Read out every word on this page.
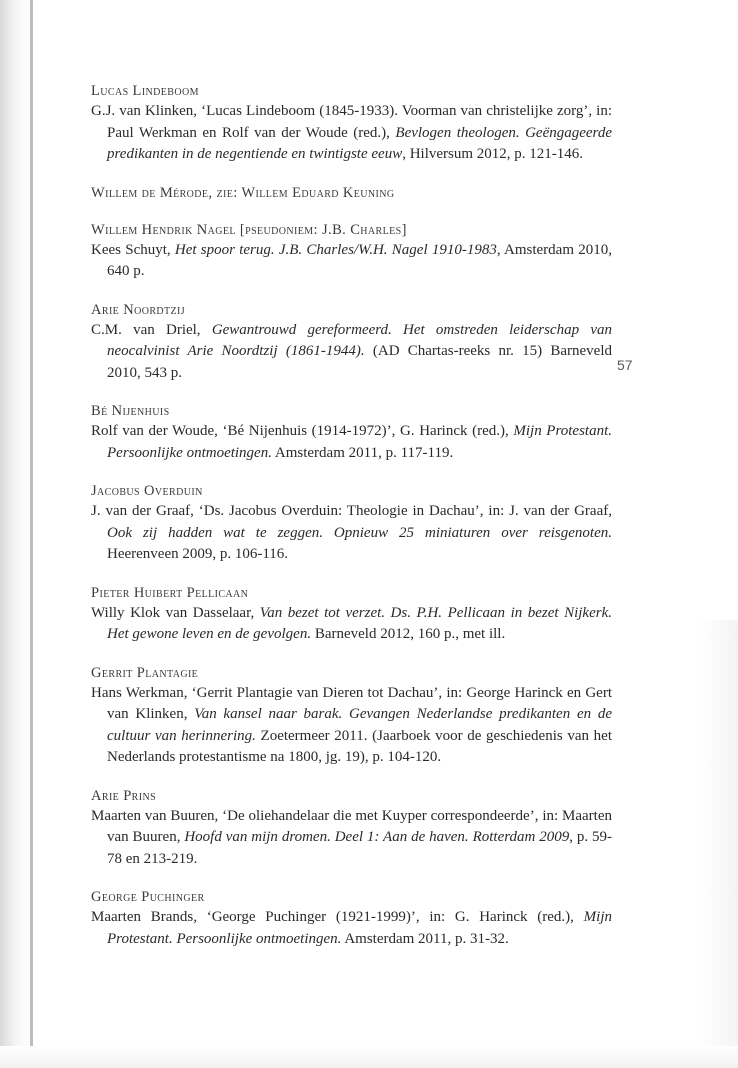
57
Lucas Lindeboom
G.J. van Klinken, ‘Lucas Lindeboom (1845-1933). Voorman van christelijke zorg’, in: Paul Werkman en Rolf van der Woude (red.), Bevlogen theologen. Geëngageerde predikanten in de negentiende en twintigste eeuw, Hilversum 2012, p. 121-146.
Willem de Mérode, zie: Willem Eduard Keuning
Willem Hendrik Nagel [pseudoniem: J.B. Charles]
Kees Schuyt, Het spoor terug. J.B. Charles/W.H. Nagel 1910-1983, Amsterdam 2010, 640 p.
Arie Noordtzij
C.M. van Driel, Gewantrouwd gereformeerd. Het omstreden leiderschap van neocalvinist Arie Noordtzij (1861-1944). (AD Chartas-reeks nr. 15) Barneveld 2010, 543 p.
Bé Nijenhuis
Rolf van der Woude, ‘Bé Nijenhuis (1914-1972)’, G. Harinck (red.), Mijn Protestant. Persoonlijke ontmoetingen. Amsterdam 2011, p. 117-119.
Jacobus Overduin
J. van der Graaf, ‘Ds. Jacobus Overduin: Theologie in Dachau’, in: J. van der Graaf, Ook zij hadden wat te zeggen. Opnieuw 25 miniaturen over reisgenoten. Heerenveen 2009, p. 106-116.
Pieter Huibert Pellicaan
Willy Klok van Dasselaar, Van bezet tot verzet. Ds. P.H. Pellicaan in bezet Nijkerk. Het gewone leven en de gevolgen. Barneveld 2012, 160 p., met ill.
Gerrit Plantagie
Hans Werkman, ‘Gerrit Plantagie van Dieren tot Dachau’, in: George Harinck en Gert van Klinken, Van kansel naar barak. Gevangen Nederlandse predikanten en de cultuur van herinnering. Zoetermeer 2011. (Jaarboek voor de geschiedenis van het Nederlands protestantisme na 1800, jg. 19), p. 104-120.
Arie Prins
Maarten van Buuren, ‘De oliehandelaar die met Kuyper correspondeerde’, in: Maarten van Buuren, Hoofd van mijn dromen. Deel 1: Aan de haven. Rotterdam 2009, p. 59-78 en 213-219.
George Puchinger
Maarten Brands, ‘George Puchinger (1921-1999)’, in: G. Harinck (red.), Mijn Protestant. Persoonlijke ontmoetingen. Amsterdam 2011, p. 31-32.
